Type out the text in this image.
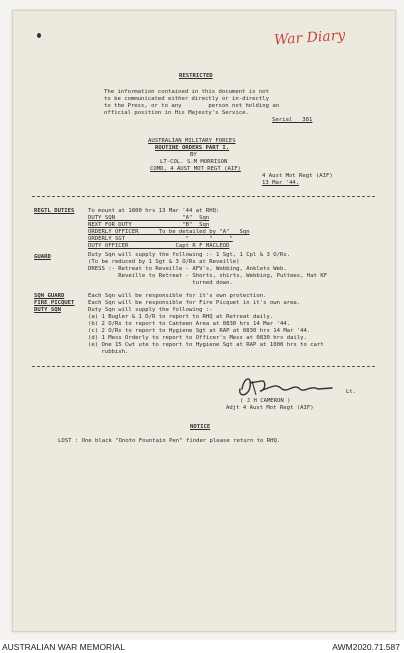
War Diary
RESTRICTED
The information contained in this document is not
to be communicated either directly or in-directly
to the Press, or to any        person not holding an
official position in His Majesty's Service.
Serial   381
AUSTRALIAN MILITARY FORCES
ROUTINE ORDERS PART I.
BY
LT-COL. S.M MORRISON
COMD, 4 AUST MOT REGT (AIF)
4 Aust Mot Regt (AIF)
13 Mar '44.
REGTL DUTIES To mount at 1800 hrs 13 Mar '44 at RHQ:
DUTY SQN                    "A"  Sqn
NEXT FOR DUTY               "B"  Sqn
ORDERLY OFFICER      To be detailed by "A"   Sqn
ORDERLY SGT                  "      "     "
DUTY OFFICER              Capt R F MACLEOD
GUARD	Duty Sqn will supply the following :- 1 Sgt, 1 Cpl & 3 O/Rs.
(To be reduced by 1 Sgt & 3 O/Rs at Reveille)
DRESS :- Retreat to Reveille - AFV's, Webbing, Anklets Web.
Reveille to Retreat - Shorts, shirts, Webbing, Puttees, Hat KF
turned down.
SQN GUARD
FIRE PICQUET
DUTY SQN
Each Sqn will be responsible for it's own protection.
Each Sqn will be responsible for Fire Picquet in it's own area.
Duty Sqn will supply the following :-
(a) 1 Bugler & 1 D/R to report to RHQ at Retreat daily.
(b) 2 O/Rs to report to Canteen Area at 0830 hrs 14 Mar '44.
(c) 2 O/Rs to report to Hygiene Sgt at RAP at 0830 hrs 14 Mar '44.
(d) 1 Mess Orderly to report to Officer's Mess at 0830 hrs daily.
(e) One 15 Cwt ute to report to Hygiene Sgt at RAP at 1000 hrs to cart
rubbish.
Lt.
( J H CAMERON )
Adjt 4 Aust Mot Regt (AIF)
NOTICE
LOST : One black "Onoto Fountain Pen" finder please return to RHQ.
AUSTRALIAN WAR MEMORIAL	AWM2020.71.587
